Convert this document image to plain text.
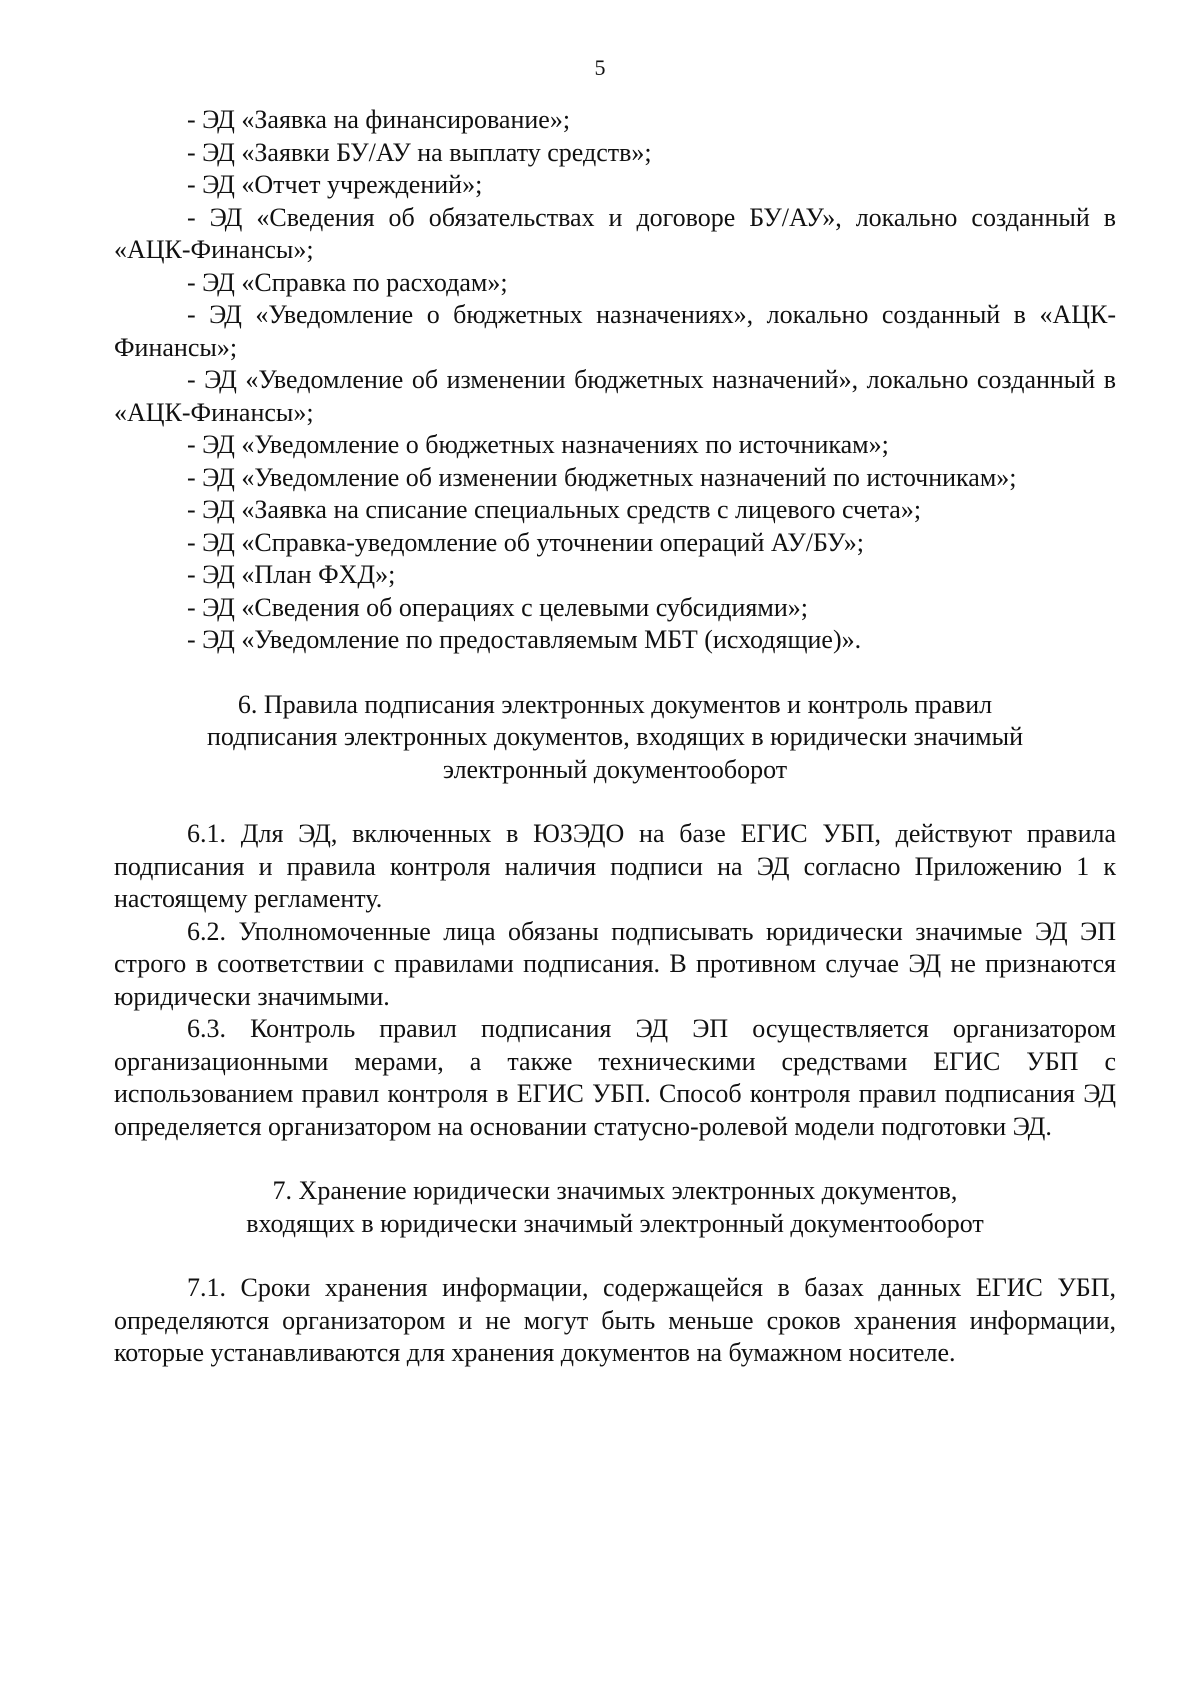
5

- ЭД «Заявка на финансирование»;

- ЭД «Заявки БУ/АУ на выплату средств»;

- ЭД «Отчет учреждений»;

- ЭД «Сведения об обязательствах и договоре БУ/АУ», локально созданный в «АЦК-Финансы»;

- ЭД «Справка по расходам»;

- ЭД «Уведомление о бюджетных назначениях», локально созданный в «АЦК-Финансы»;

- ЭД «Уведомление об изменении бюджетных назначений», локально созданный в «АЦК-Финансы»;

- ЭД «Уведомление о бюджетных назначениях по источникам»;

- ЭД «Уведомление об изменении бюджетных назначений по источникам»;

- ЭД «Заявка на списание специальных средств с лицевого счета»;

- ЭД «Справка-уведомление об уточнении операций АУ/БУ»;

- ЭД «План ФХД»;

- ЭД «Сведения об операциях с целевыми субсидиями»;

- ЭД «Уведомление по предоставляемым МБТ (исходящие)».

6. Правила подписания электронных документов и контроль правил
подписания электронных документов, входящих в юридически значимый
электронный документооборот

6.1. Для ЭД, включенных в ЮЗЭДО на базе ЕГИС УБП, действуют правила подписания и правила контроля наличия подписи на ЭД согласно Приложению 1 к настоящему регламенту.

6.2. Уполномоченные лица обязаны подписывать юридически значимые ЭД ЭП строго в соответствии с правилами подписания. В противном случае ЭД не признаются юридически значимыми.

6.3. Контроль правил подписания ЭД ЭП осуществляется организатором организационными мерами, а также техническими средствами ЕГИС УБП с использованием правил контроля в ЕГИС УБП. Способ контроля правил подписания ЭД определяется организатором на основании статусно-ролевой модели подготовки ЭД.

7. Хранение юридически значимых электронных документов,
входящих в юридически значимый электронный документооборот

7.1. Сроки хранения информации, содержащейся в базах данных ЕГИС УБП, определяются организатором и не могут быть меньше сроков хранения информации, которые устанавливаются для хранения документов на бумажном носителе.
